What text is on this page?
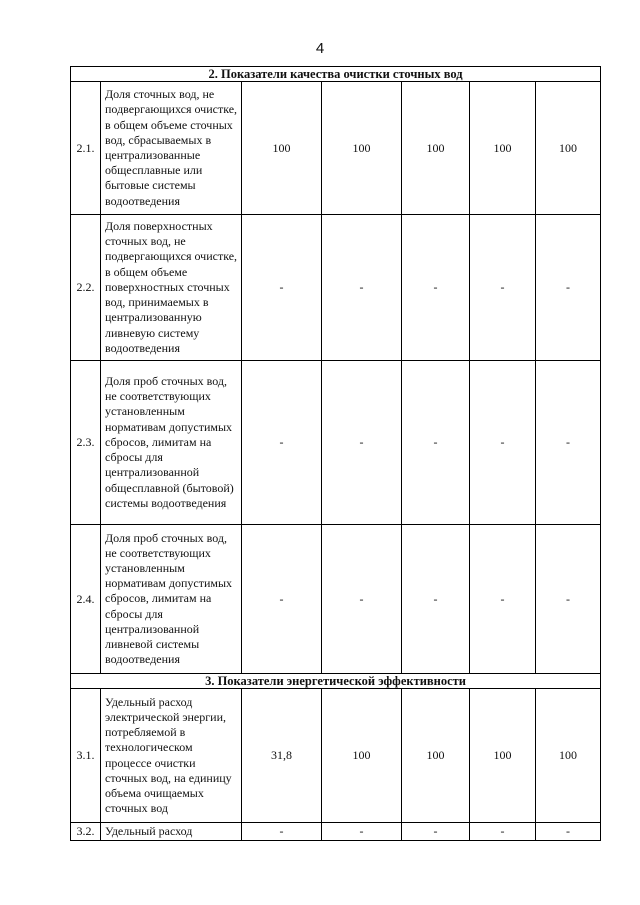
4
2. Показатели качества очистки сточных вод						
2.1.	Доля сточных вод, не подвергающихся очистке, в общем объеме сточных вод, сбрасываемых в централизованные общесплавные или бытовые системы водоотведения	100	100	100	100	100
2.2.	Доля поверхностных сточных вод, не подвергающихся очистке, в общем объеме поверхностных сточных вод, принимаемых в централизованную ливневую систему водоотведения	-	-	-	-	-
2.3.	Доля проб сточных вод, не соответствующих установленным нормативам допустимых сбросов, лимитам на сбросы для централизованной общесплавной (бытовой) системы водоотведения	-	-	-	-	-
2.4.	Доля проб сточных вод, не соответствующих установленным нормативам допустимых сбросов, лимитам на сбросы для централизованной ливневой системы водоотведения	-	-	-	-	-
3. Показатели энергетической эффективности						
3.1.	Удельный расход электрической энергии, потребляемой в технологическом процессе очистки сточных вод, на единицу объема очищаемых сточных вод	31,8	100	100	100	100
3.2.	Удельный расход	-	-	-	-	-
